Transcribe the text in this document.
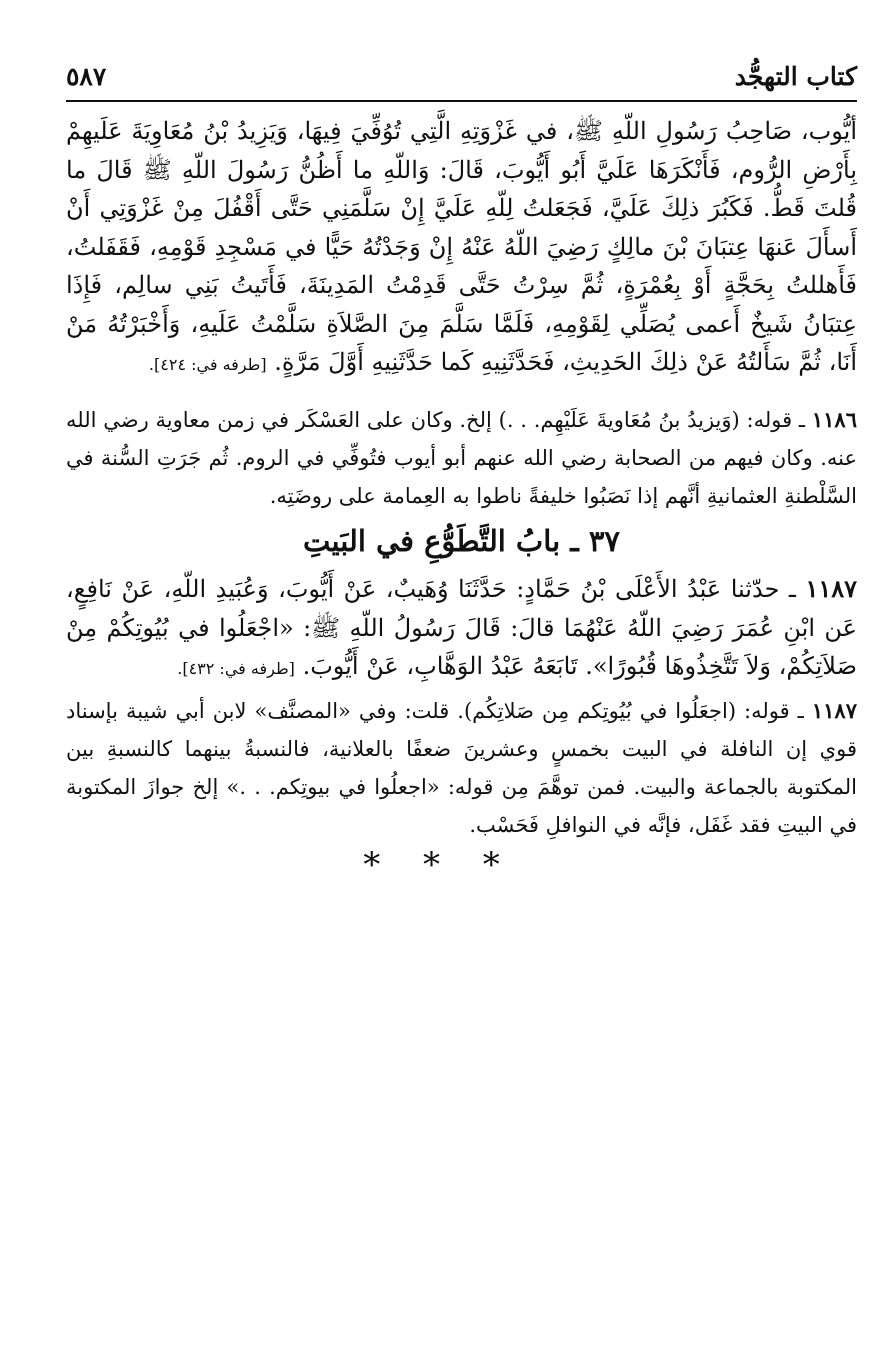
كتاب التهجُّد
٥٨٧
أيُّوب، صَاحِبُ رَسُولِ اللّهِ ﷺ، في غَزْوَتِهِ الَّتِي تُوُفِّيَ فِيهَا، وَيَزِيدُ بْنُ مُعَاوِيَةَ عَلَيهِمْ بِأَرْضِ الرُّوم، فَأَنْكَرَهَا عَلَيَّ أَبُو أَيُّوبَ، قَالَ: وَاللّهِ ما أَظُنُّ رَسُولَ اللّهِ ﷺ قَالَ ما قُلتَ قَطُّ. فَكَبُرَ ذلِكَ عَلَيَّ، فَجَعَلتُ لِلّهِ عَلَيَّ إِنْ سَلَّمَنِي حَتَّى أَقْفُلَ مِنْ غَزْوَتِي أَنْ أَسأَلَ عَنهَا عِتبَانَ بْنَ مالِكٍ رَضِيَ اللّهُ عَنْهُ إِنْ وَجَدْتُهُ حَيًّا في مَسْجِدِ قَوْمِهِ، فَقَفَلتُ، فَأَهللتُ بِحَجَّةٍ أَوْ بِعُمْرَةٍ، ثُمَّ سِرْتُ حَتَّى قَدِمْتُ المَدِينَةَ، فَأَتَيتُ بَنِي سالِم، فَإِذَا عِتبَانُ شَيخٌ أَعمى يُصَلِّي لِقَوْمِهِ، فَلَمَّا سَلَّمَ مِنَ الصَّلاَةِ سَلَّمْتُ عَلَيهِ، وَأَخْبَرْتُهُ مَنْ أَنَا، ثُمَّ سَأَلتُهُ عَنْ ذلِكَ الحَدِيثِ، فَحَدَّثَنِيهِ كَما حَدَّثَنِيهِ أَوَّلَ مَرَّةٍ. [طرفه في: ٤٢٤].
١١٨٦ ـ قوله: (وَيزيدُ بنُ مُعَاويةَ عَلَيْهِم. . .) إلخ. وكان على العَسْكَر في زمن معاوية رضي الله عنه. وكان فيهم من الصحابة رضي الله عنهم أبو أيوب فتُوفِّي في الروم. ثُم جَرَتِ السُّنة في السَّلْطنةِ العثمانيةِ أنَّهم إذا نَصَبُوا خليفةً ناطوا به العِمامة على روضَتِه.
٣٧ ـ بابُ التَّطَوُّعِ في البَيتِ
١١٨٧ ـ حدّثنا عَبْدُ الأَعْلَى بْنُ حَمَّادٍ: حَدَّثَنَا وُهَيبٌ، عَنْ أَيُّوبَ، وَعُبَيدِ اللّهِ، عَنْ نَافِعٍ، عَن ابْنِ عُمَرَ رَضِيَ اللّهُ عَنْهُمَا قالَ: قَالَ رَسُولُ اللّهِ ﷺ: «اجْعَلُوا في بُيُوتِكُمْ مِنْ صَلاَتِكُمْ، وَلاَ تَتَّخِذُوهَا قُبُورًا». تَابَعَهُ عَبْدُ الوَهَّابِ، عَنْ أَيُّوبَ. [طرفه في: ٤٣٢].
١١٨٧ ـ قوله: (اجعَلُوا في بُيُوتِكم مِن صَلاتِكُم). قلت: وفي «المصنَّف» لابن أبي شيبة بإسناد قوي إن النافلة في البيت بخمسٍ وعشرينَ ضعفًا بالعلانية، فالنسبةُ بينهما كالنسبةِ بين المكتوبة بالجماعة والبيت. فمن توهَّمَ مِن قوله: «اجعلُوا في بيوتِكم. . .» إلخ جوازَ المكتوبة في البيتِ فقد غَفَل، فإنَّه في النوافلِ فَحَسْب.
* * *
